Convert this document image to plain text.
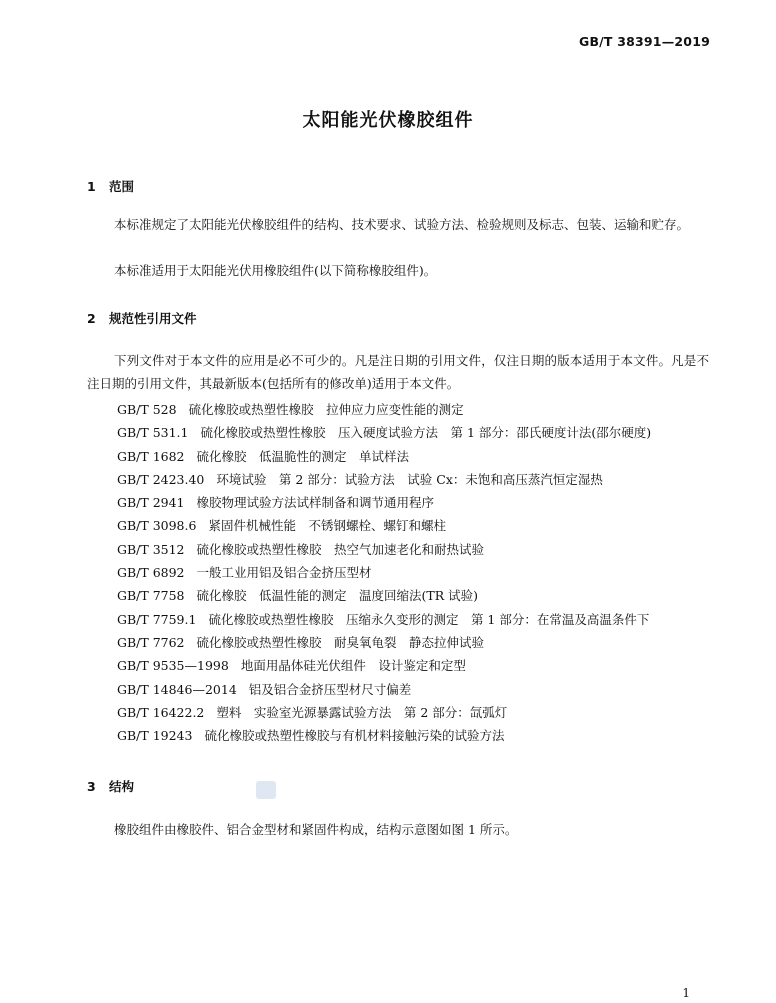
GB/T 38391—2019
太阳能光伏橡胶组件
1 范围
本标准规定了太阳能光伏橡胶组件的结构、技术要求、试验方法、检验规则及标志、包装、运输和贮存。
本标准适用于太阳能光伏用橡胶组件(以下简称橡胶组件)。
2 规范性引用文件
下列文件对于本文件的应用是必不可少的。凡是注日期的引用文件，仅注日期的版本适用于本文件。凡是不注日期的引用文件，其最新版本(包括所有的修改单)适用于本文件。
GB/T 528 硫化橡胶或热塑性橡胶　拉伸应力应变性能的测定
GB/T 531.1 硫化橡胶或热塑性橡胶　压入硬度试验方法　第 1 部分：邵氏硬度计法(邵尔硬度)
GB/T 1682 硫化橡胶　低温脆性的测定　单试样法
GB/T 2423.40 环境试验　第 2 部分：试验方法　试验 Cx：未饱和高压蒸汽恒定湿热
GB/T 2941 橡胶物理试验方法试样制备和调节通用程序
GB/T 3098.6 紧固件机械性能　不锈钢螺栓、螺钉和螺柱
GB/T 3512 硫化橡胶或热塑性橡胶　热空气加速老化和耐热试验
GB/T 6892 一般工业用铝及铝合金挤压型材
GB/T 7758 硫化橡胶　低温性能的测定　温度回缩法(TR 试验)
GB/T 7759.1 硫化橡胶或热塑性橡胶　压缩永久变形的测定　第 1 部分：在常温及高温条件下
GB/T 7762 硫化橡胶或热塑性橡胶　耐臭氧龟裂　静态拉伸试验
GB/T 9535—1998 地面用晶体硅光伏组件　设计鉴定和定型
GB/T 14846—2014 铝及铝合金挤压型材尺寸偏差
GB/T 16422.2 塑料　实验室光源暴露试验方法　第 2 部分：氙弧灯
GB/T 19243 硫化橡胶或热塑性橡胶与有机材料接触污染的试验方法
3 结构
橡胶组件由橡胶件、铝合金型材和紧固件构成，结构示意图如图 1 所示。
1
